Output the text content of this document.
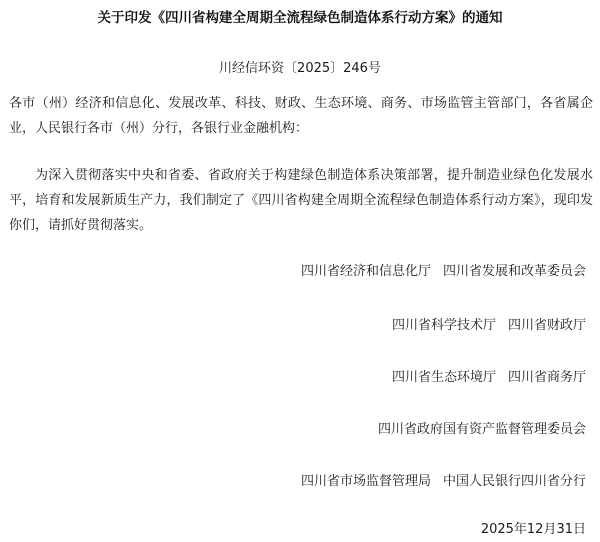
关于印发《四川省构建全周期全流程绿色制造体系行动方案》的通知
川经信环资〔2025〕246号
各市（州）经济和信息化、发展改革、科技、财政、生态环境、商务、市场监管主管部门，各省属企业，人民银行各市（州）分行，各银行业金融机构：
为深入贯彻落实中央和省委、省政府关于构建绿色制造体系决策部署，提升制造业绿色化发展水平，培育和发展新质生产力，我们制定了《四川省构建全周期全流程绿色制造体系行动方案》，现印发你们，请抓好贯彻落实。
四川省经济和信息化厅 四川省发展和改革委员会
四川省科学技术厅 四川省财政厅
四川省生态环境厅 四川省商务厅
四川省政府国有资产监督管理委员会
四川省市场监督管理局 中国人民银行四川省分行
2025年12月31日
